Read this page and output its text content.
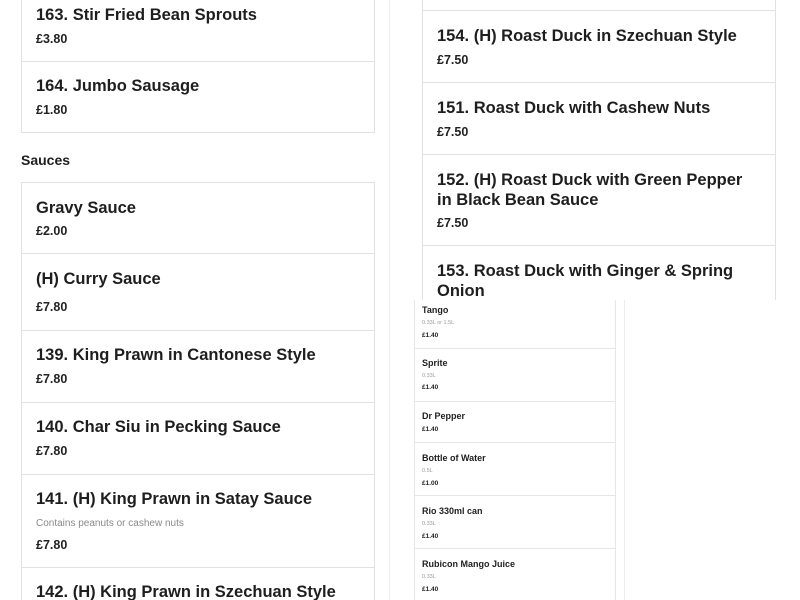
163. Stir Fried Bean Sprouts
£3.80
164. Jumbo Sausage
£1.80
Sauces
Gravy Sauce
£2.00
(H) Curry Sauce
154. (H) Roast Duck in Szechuan Style
£7.50
151. Roast Duck with Cashew Nuts
£7.50
152. (H) Roast Duck with Green Pepper in Black Bean Sauce
£7.50
153. Roast Duck with Ginger & Spring Onion
£7.80
139. King Prawn in Cantonese Style
£7.80
140. Char Siu in Pecking Sauce
£7.80
141. (H) King Prawn in Satay Sauce
Contains peanuts or cashew nuts
£7.80
142. (H) King Prawn in Szechuan Style
Tango
0.33L or 1.5L
£1.40
Sprite
0.33L
£1.40
Dr Pepper
£1.40
Bottle of Water
0.5L
£1.00
Rio 330ml can
0.33L
£1.40
Rubicon Mango Juice
0.33L
£1.40
